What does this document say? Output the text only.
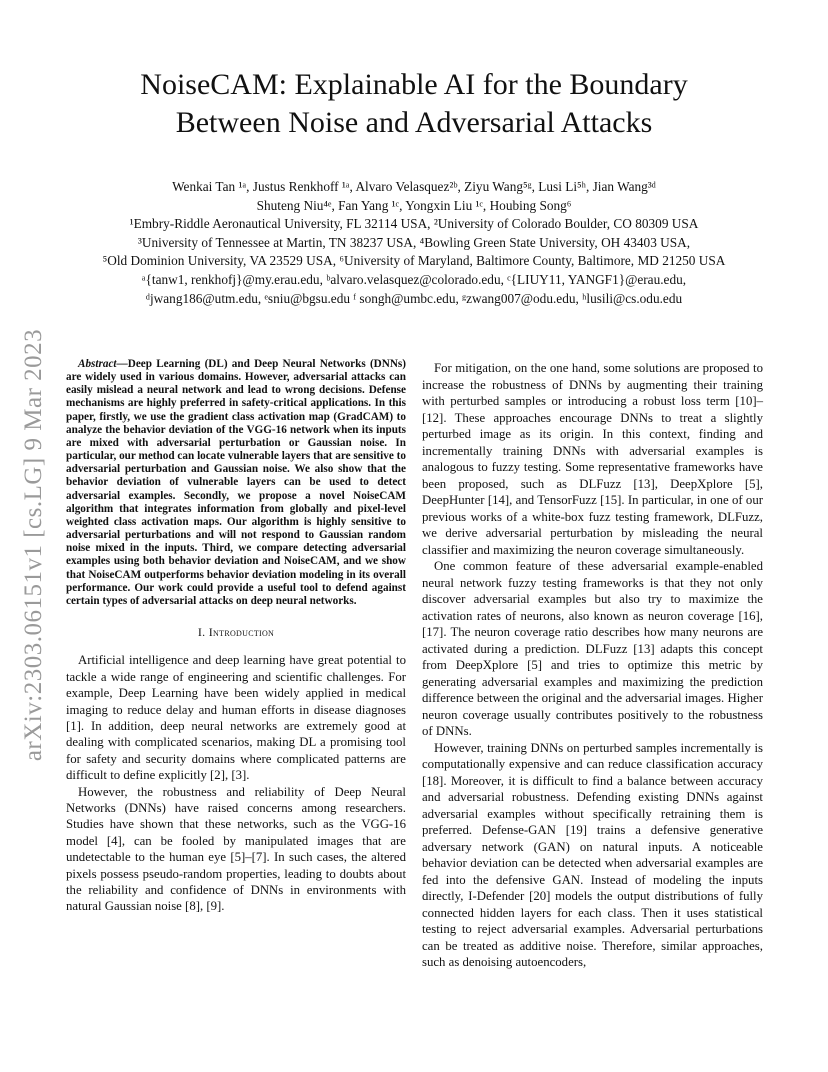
arXiv:2303.06151v1 [cs.LG] 9 Mar 2023
NoiseCAM: Explainable AI for the Boundary
Between Noise and Adversarial Attacks
Wenkai Tan ¹ᵃ, Justus Renkhoff ¹ᵃ, Alvaro Velasquez²ᵇ, Ziyu Wang⁵ᵍ, Lusi Li⁵ʰ, Jian Wang³ᵈ
Shuteng Niu⁴ᵉ, Fan Yang ¹ᶜ, Yongxin Liu ¹ᶜ, Houbing Song⁶
¹Embry-Riddle Aeronautical University, FL 32114 USA, ²University of Colorado Boulder, CO 80309 USA
³University of Tennessee at Martin, TN 38237 USA, ⁴Bowling Green State University, OH 43403 USA,
⁵Old Dominion University, VA 23529 USA, ⁶University of Maryland, Baltimore County, Baltimore, MD 21250 USA
ᵃ{tanw1, renkhofj}@my.erau.edu, ᵇalvaro.velasquez@colorado.edu, ᶜ{LIUY11, YANGF1}@erau.edu,
ᵈjwang186@utm.edu, ᵉsniu@bgsu.edu ᶠ songh@umbc.edu, ᵍzwang007@odu.edu, ʰlusili@cs.odu.edu

Abstract—Deep Learning (DL) and Deep Neural Networks (DNNs) are widely used in various domains. However, adversarial attacks can easily mislead a neural network and lead to wrong decisions. Defense mechanisms are highly preferred in safety-critical applications. In this paper, firstly, we use the gradient class activation map (GradCAM) to analyze the behavior deviation of the VGG-16 network when its inputs are mixed with adversarial perturbation or Gaussian noise. In particular, our method can locate vulnerable layers that are sensitive to adversarial perturbation and Gaussian noise. We also show that the behavior deviation of vulnerable layers can be used to detect adversarial examples. Secondly, we propose a novel NoiseCAM algorithm that integrates information from globally and pixel-level weighted class activation maps. Our algorithm is highly sensitive to adversarial perturbations and will not respond to Gaussian random noise mixed in the inputs. Third, we compare detecting adversarial examples using both behavior deviation and NoiseCAM, and we show that NoiseCAM outperforms behavior deviation modeling in its overall performance. Our work could provide a useful tool to defend against certain types of adversarial attacks on deep neural networks.

I. Introduction

Artificial intelligence and deep learning have great potential to tackle a wide range of engineering and scientific challenges. For example, Deep Learning have been widely applied in medical imaging to reduce delay and human efforts in disease diagnoses [1]. In addition, deep neural networks are extremely good at dealing with complicated scenarios, making DL a promising tool for safety and security domains where complicated patterns are difficult to define explicitly [2], [3].

However, the robustness and reliability of Deep Neural Networks (DNNs) have raised concerns among researchers. Studies have shown that these networks, such as the VGG-16 model [4], can be fooled by manipulated images that are undetectable to the human eye [5]–[7]. In such cases, the altered pixels possess pseudo-random properties, leading to doubts about the reliability and confidence of DNNs in environments with natural Gaussian noise [8], [9].

For mitigation, on the one hand, some solutions are proposed to increase the robustness of DNNs by augmenting their training with perturbed samples or introducing a robust loss term [10]–[12]. These approaches encourage DNNs to treat a slightly perturbed image as its origin. In this context, finding and incrementally training DNNs with adversarial examples is analogous to fuzzy testing. Some representative frameworks have been proposed, such as DLFuzz [13], DeepXplore [5], DeepHunter [14], and TensorFuzz [15]. In particular, in one of our previous works of a white-box fuzz testing framework, DLFuzz, we derive adversarial perturbation by misleading the neural classifier and maximizing the neuron coverage simultaneously.

One common feature of these adversarial example-enabled neural network fuzzy testing frameworks is that they not only discover adversarial examples but also try to maximize the activation rates of neurons, also known as neuron coverage [16], [17]. The neuron coverage ratio describes how many neurons are activated during a prediction. DLFuzz [13] adapts this concept from DeepXplore [5] and tries to optimize this metric by generating adversarial examples and maximizing the prediction difference between the original and the adversarial images. Higher neuron coverage usually contributes positively to the robustness of DNNs.

However, training DNNs on perturbed samples incrementally is computationally expensive and can reduce classification accuracy [18]. Moreover, it is difficult to find a balance between accuracy and adversarial robustness. Defending existing DNNs against adversarial examples without specifically retraining them is preferred. Defense-GAN [19] trains a defensive generative adversary network (GAN) on natural inputs. A noticeable behavior deviation can be detected when adversarial examples are fed into the defensive GAN. Instead of modeling the inputs directly, I-Defender [20] models the output distributions of fully connected hidden layers for each class. Then it uses statistical testing to reject adversarial examples. Adversarial perturbations can be treated as additive noise. Therefore, similar approaches, such as denoising autoencoders,
